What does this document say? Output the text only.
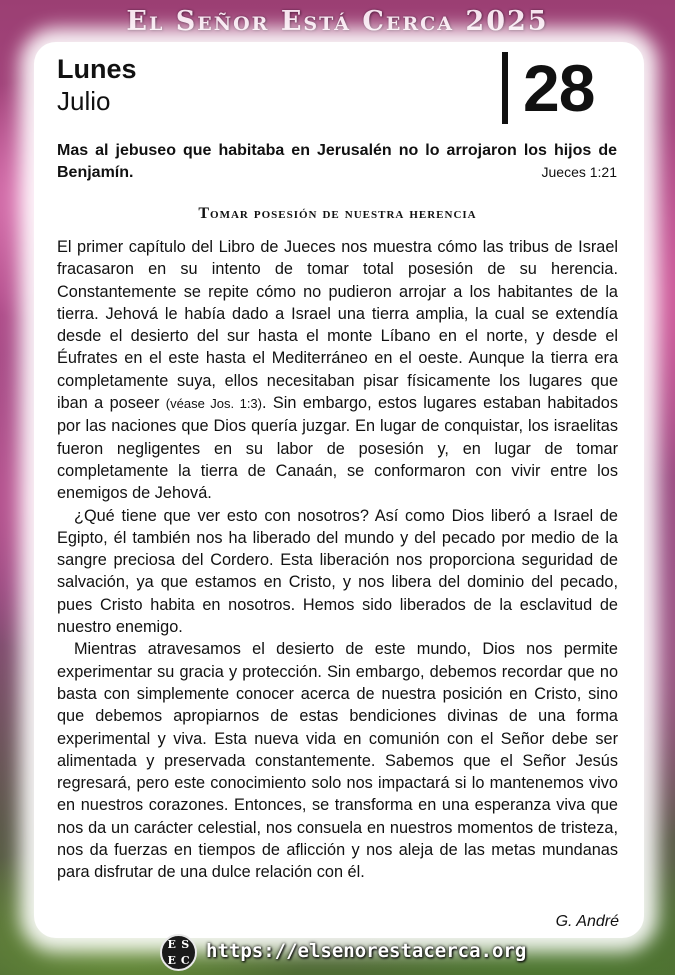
El Señor Está Cerca 2025
Lunes
Julio	28
Mas al jebuseo que habitaba en Jerusalén no lo arrojaron los hijos de Benjamín.	Jueces 1:21
Tomar posesión de nuestra herencia

El primer capítulo del Libro de Jueces nos muestra cómo las tribus de Israel fracasaron en su intento de tomar total posesión de su herencia. Constantemente se repite cómo no pudieron arrojar a los habitantes de la tierra. Jehová le había dado a Israel una tierra amplia, la cual se extendía desde el desierto del sur hasta el monte Líbano en el norte, y desde el Éufrates en el este hasta el Mediterráneo en el oeste. Aunque la tierra era completamente suya, ellos necesitaban pisar físicamente los lugares que iban a poseer (véase Jos. 1:3). Sin embargo, estos lugares estaban habitados por las naciones que Dios quería juzgar. En lugar de conquistar, los israelitas fueron negligentes en su labor de posesión y, en lugar de tomar completamente la tierra de Canaán, se conformaron con vivir entre los enemigos de Jehová.

¿Qué tiene que ver esto con nosotros? Así como Dios liberó a Israel de Egipto, él también nos ha liberado del mundo y del pecado por medio de la sangre preciosa del Cordero. Esta liberación nos proporciona seguridad de salvación, ya que estamos en Cristo, y nos libera del dominio del pecado, pues Cristo habita en nosotros. Hemos sido liberados de la esclavitud de nuestro enemigo.

Mientras atravesamos el desierto de este mundo, Dios nos permite experimentar su gracia y protección. Sin embargo, debemos recordar que no basta con simplemente conocer acerca de nuestra posición en Cristo, sino que debemos apropiarnos de estas bendiciones divinas de una forma experimental y viva. Esta nueva vida en comunión con el Señor debe ser alimentada y preservada constantemente. Sabemos que el Señor Jesús regresará, pero este conocimiento solo nos impactará si lo mantenemos vivo en nuestros corazones. Entonces, se transforma en una esperanza viva que nos da un carácter celestial, nos consuela en nuestros momentos de tristeza, nos da fuerzas en tiempos de aflicción y nos aleja de las metas mundanas para disfrutar de una dulce relación con él.

G. André
E S
E C https://elsenorestacerca.org
